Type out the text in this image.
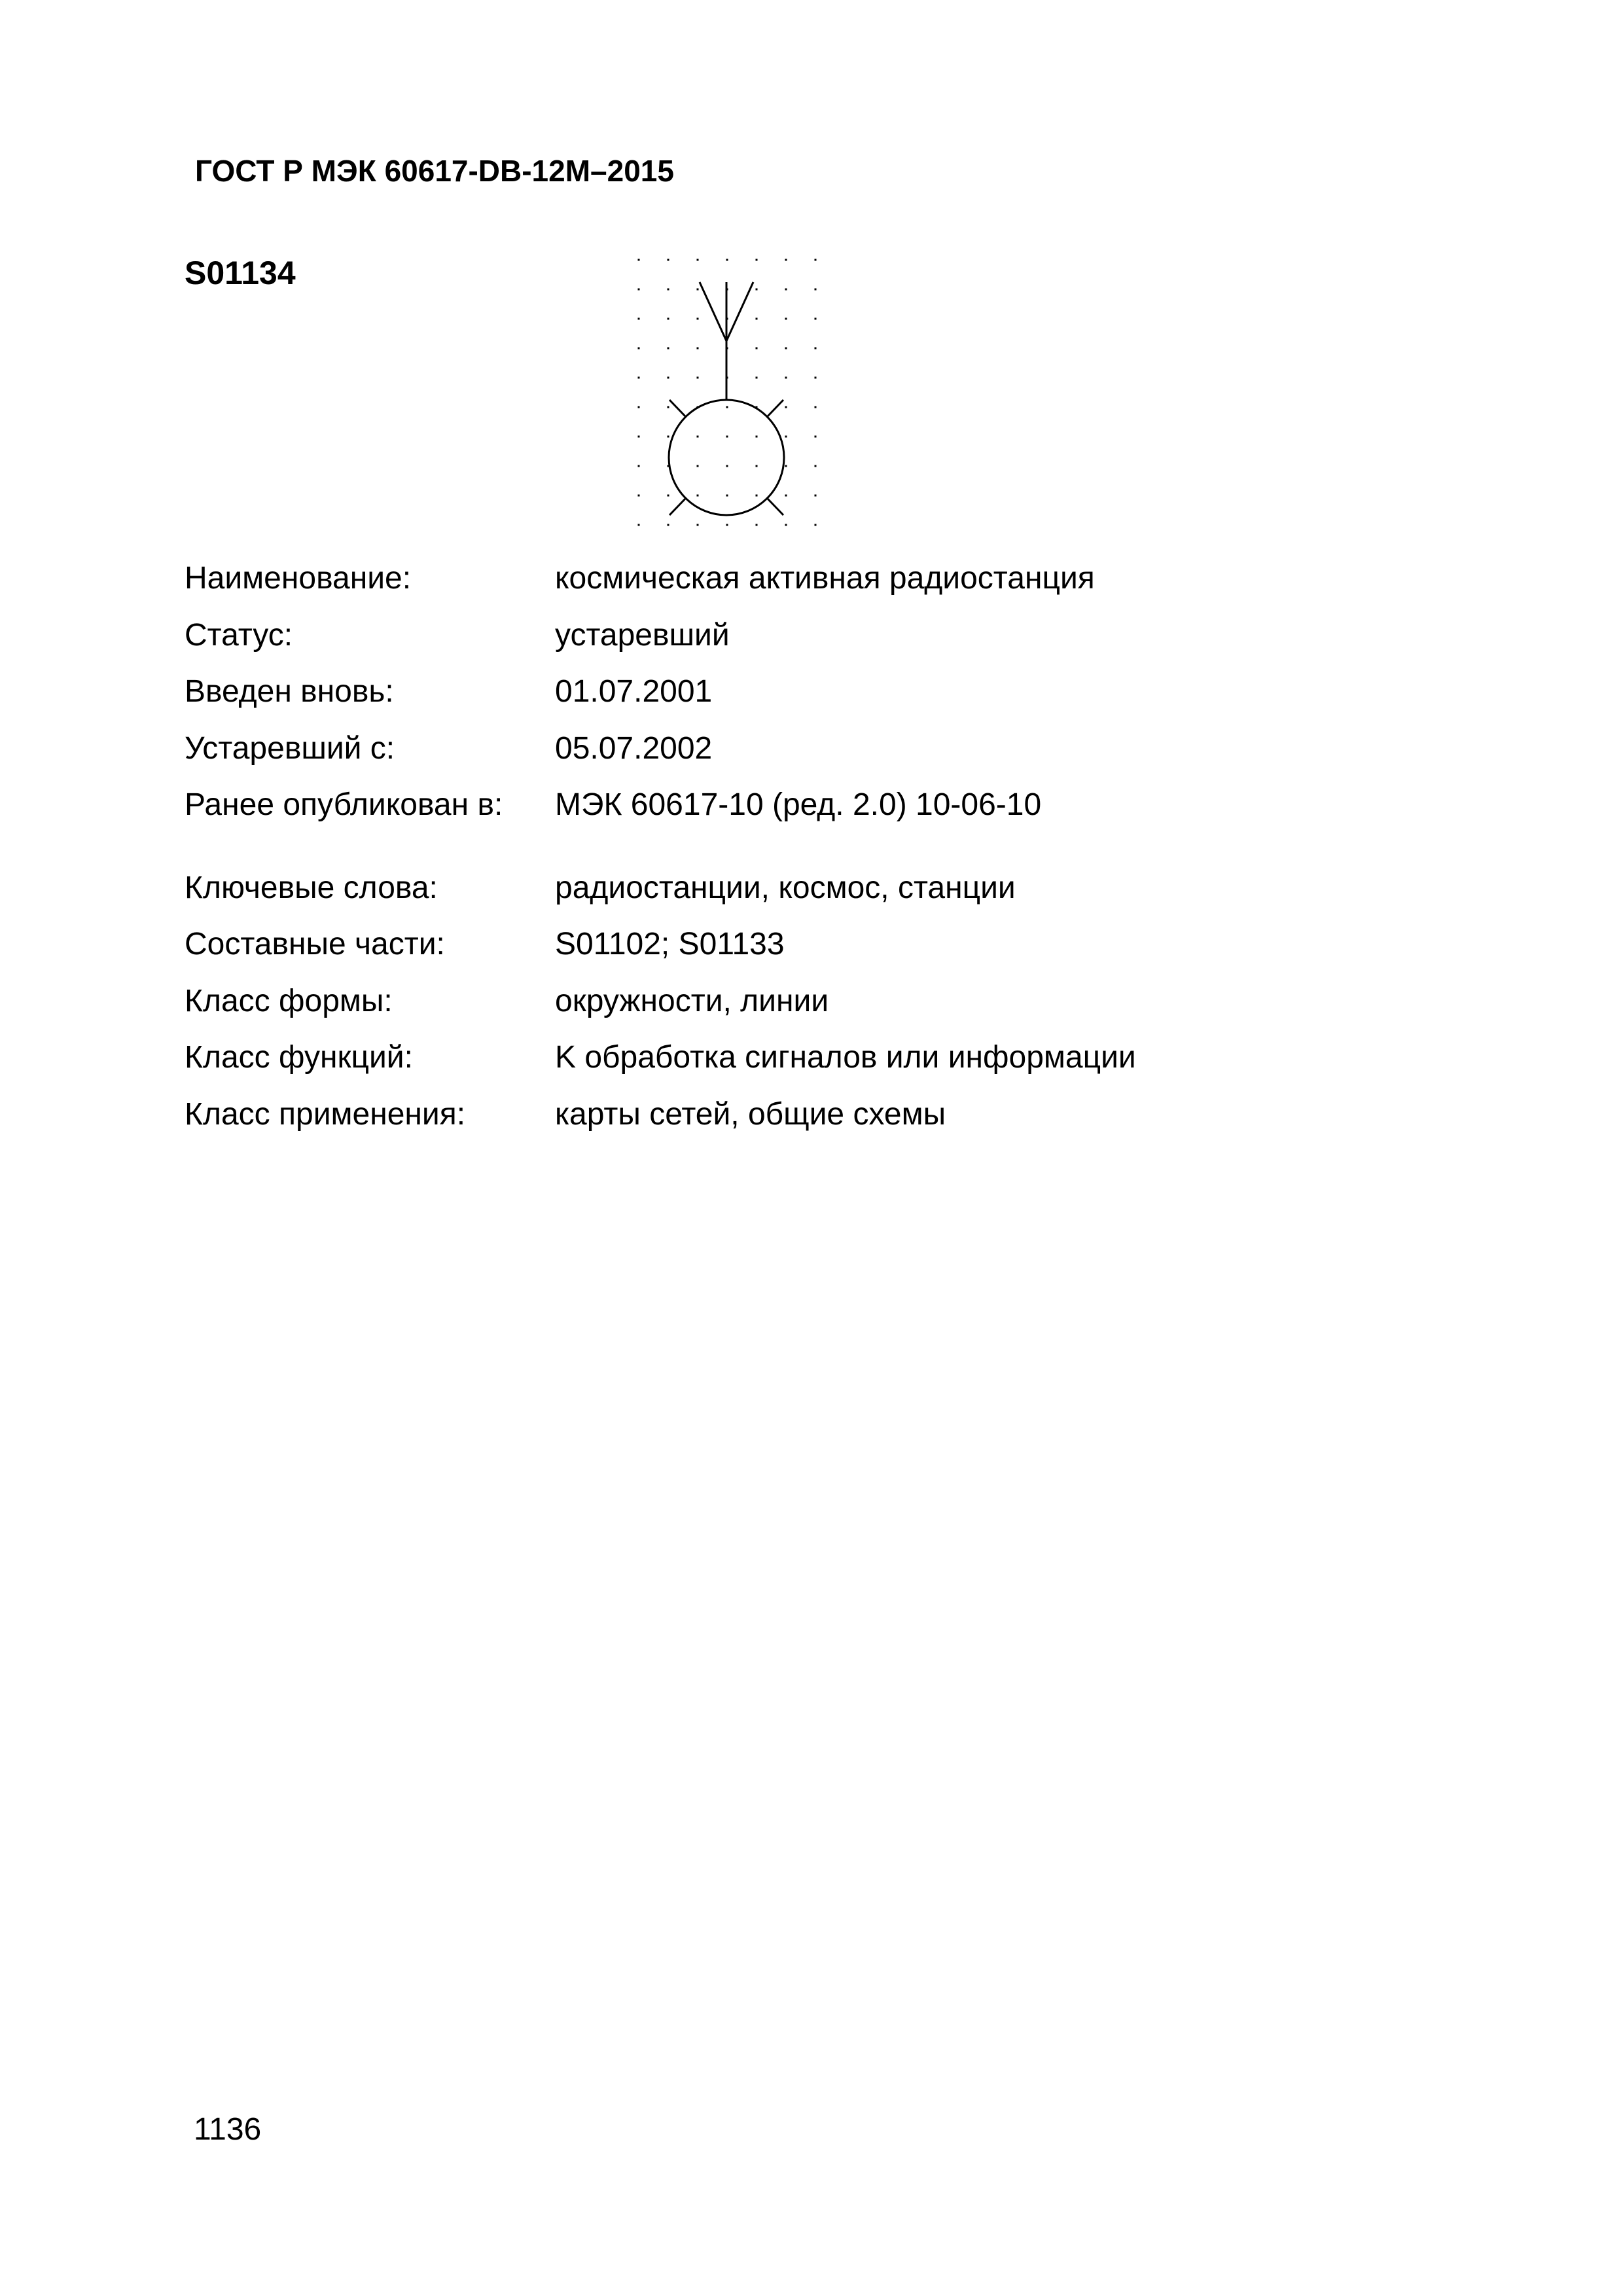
ГОСТ Р МЭК 60617-DB-12M–2015
S01134
Наименование:	космическая активная радиостанция
Статус:	устаревший
Введен вновь:	01.07.2001
Устаревший с:	05.07.2002
Ранее опубликован в: МЭК 60617-10 (ред. 2.0) 10-06-10
Ключевые слова:	радиостанции, космос, станции
Составные части:	S01102; S01133
Класс формы:	окружности, линии
Класс функций:	K обработка сигналов или информации
Класс применения:	карты сетей, общие схемы
1136
